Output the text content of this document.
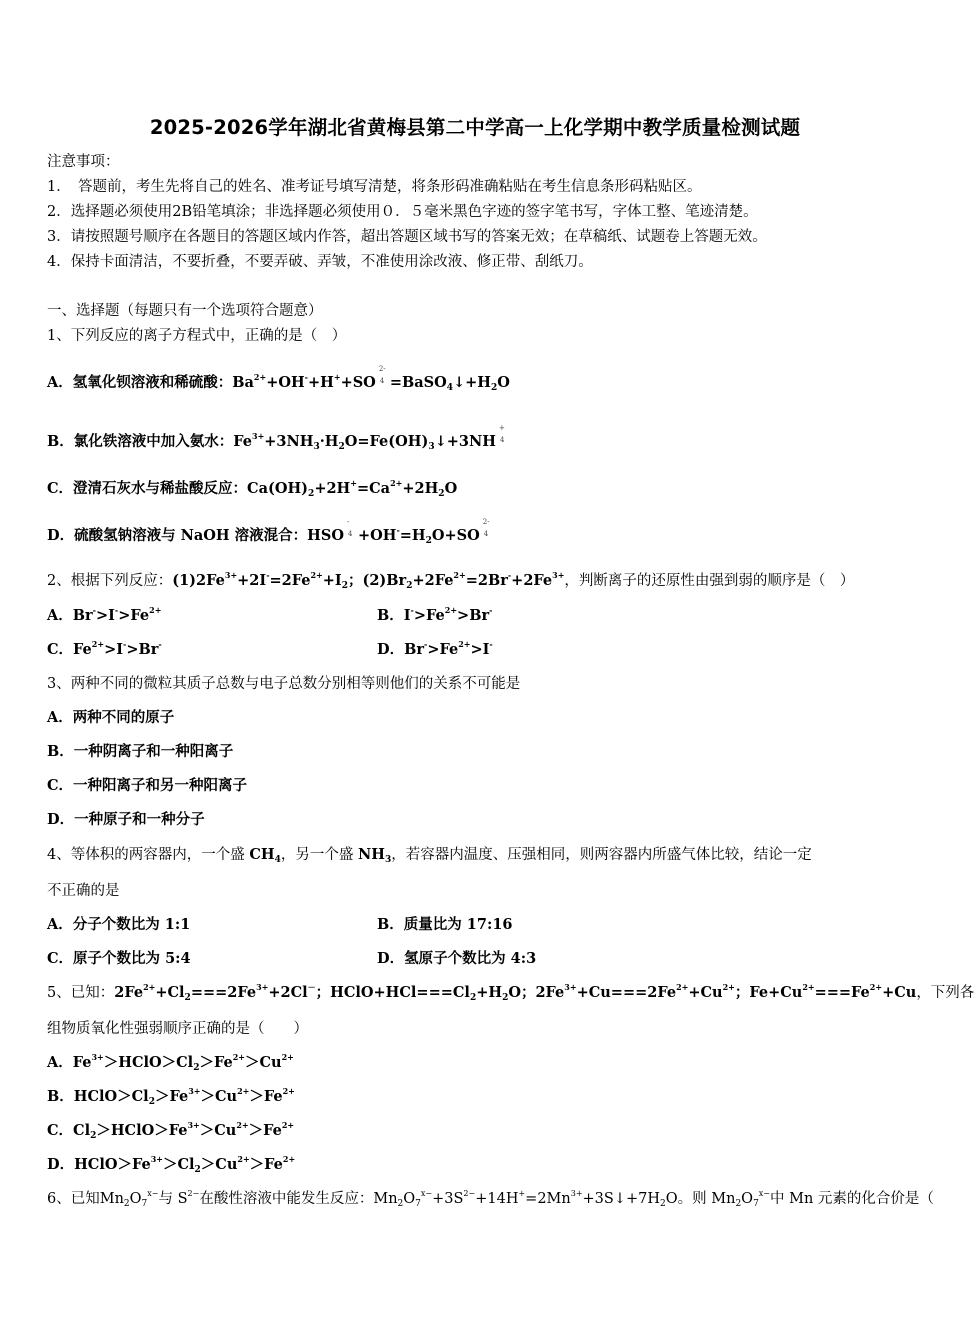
2025-2026学年湖北省黄梅县第二中学高一上化学期中教学质量检测试题
注意事项：
1．　答题前，考生先将自己的姓名、准考证号填写清楚，将条形码准确粘贴在考生信息条形码粘贴区。
2．选择题必须使用2B铅笔填涂；非选择题必须使用０．５毫米黑色字迹的签字笔书写，字体工整、笔迹清楚。
3．请按照题号顺序在各题目的答题区域内作答，超出答题区域书写的答案无效；在草稿纸、试题卷上答题无效。
4．保持卡面清洁，不要折叠，不要弄破、弄皱，不准使用涂改液、修正带、刮纸刀。
一、选择题（每题只有一个选项符合题意）
1、下列反应的离子方程式中，正确的是（　）
A．氢氧化钡溶液和稀硫酸：$Ba^{2+}+OH^-+H^++SO$
2-
$4 =BaSO_4↓+H_2O$
B．氯化铁溶液中加入氨水：$Fe^{3+}+3NH_3\cdot H_2O=Fe(OH)_3↓+3NH$
+
4
C．澄清石灰水与稀盐酸反应：$Ca(OH)_2+2H^+=Ca^{2+}+2H_2O$
D．硫酸氢钠溶液与 NaOH 溶液混合：HSO
-
$4 +OH^-=H_2O+SO$
2-
4
2、根据下列反应：$(1)2Fe^{3+}+2I^-=2Fe^{2+}+I_2$；$(2)Br_2+2Fe^{2+}=2Br^-+2Fe^{3+}$，判断离子的还原性由强到弱的顺序是（　）
A．$Br^->I^->Fe^{2+}$	B．$I^->Fe^{2+}>Br^-$
C．$Fe^{2+}>I^->Br^-$	D．$Br^->Fe^{2+}>I^-$
3、两种不同的微粒其质子总数与电子总数分别相等则他们的关系不可能是
A．两种不同的原子
B．一种阴离子和一种阳离子
C．一种阳离子和另一种阳离子
D．一种原子和一种分子
4、等体积的两容器内，一个盛 $CH_4$，另一个盛 $NH_3$，若容器内温度、压强相同，则两容器内所盛气体比较，结论一定
不正确的是
A．分子个数比为 1:1	B．质量比为 17:16
C．原子个数比为 5:4	D．氢原子个数比为 4:3
5、已知：$2Fe^{2+}+Cl_2===2Fe^{3+}+2Cl^-$；$HClO+HCl===Cl_2+H_2O$；$2Fe^{3+}+Cu===2Fe^{2+}+Cu^{2+}$；$Fe+Cu^{2+}===Fe^{2+}+Cu$，下列各
组物质氧化性强弱顺序正确的是（　　）
A．$Fe^{3+}>HClO>Cl_2>Fe^{2+}>Cu^{2+}$
B．$HClO>Cl_2>Fe^{3+}>Cu^{2+}>Fe^{2+}$
C．$Cl_2>HClO>Fe^{3+}>Cu^{2+}>Fe^{2+}$
D．$HClO>Fe^{3+}>Cl_2>Cu^{2+}>Fe^{2+}$
6、已知$Mn_2O_7^{x-}$与 $S^{2-}$在酸性溶液中能发生反应：$Mn_2O_7^{x-}+3S^{2-}+14H^+=2Mn^{3+}+3S↓+7H_2O$。则 $Mn_2O_7^{x-}$中 Mn 元素的化合价是（
